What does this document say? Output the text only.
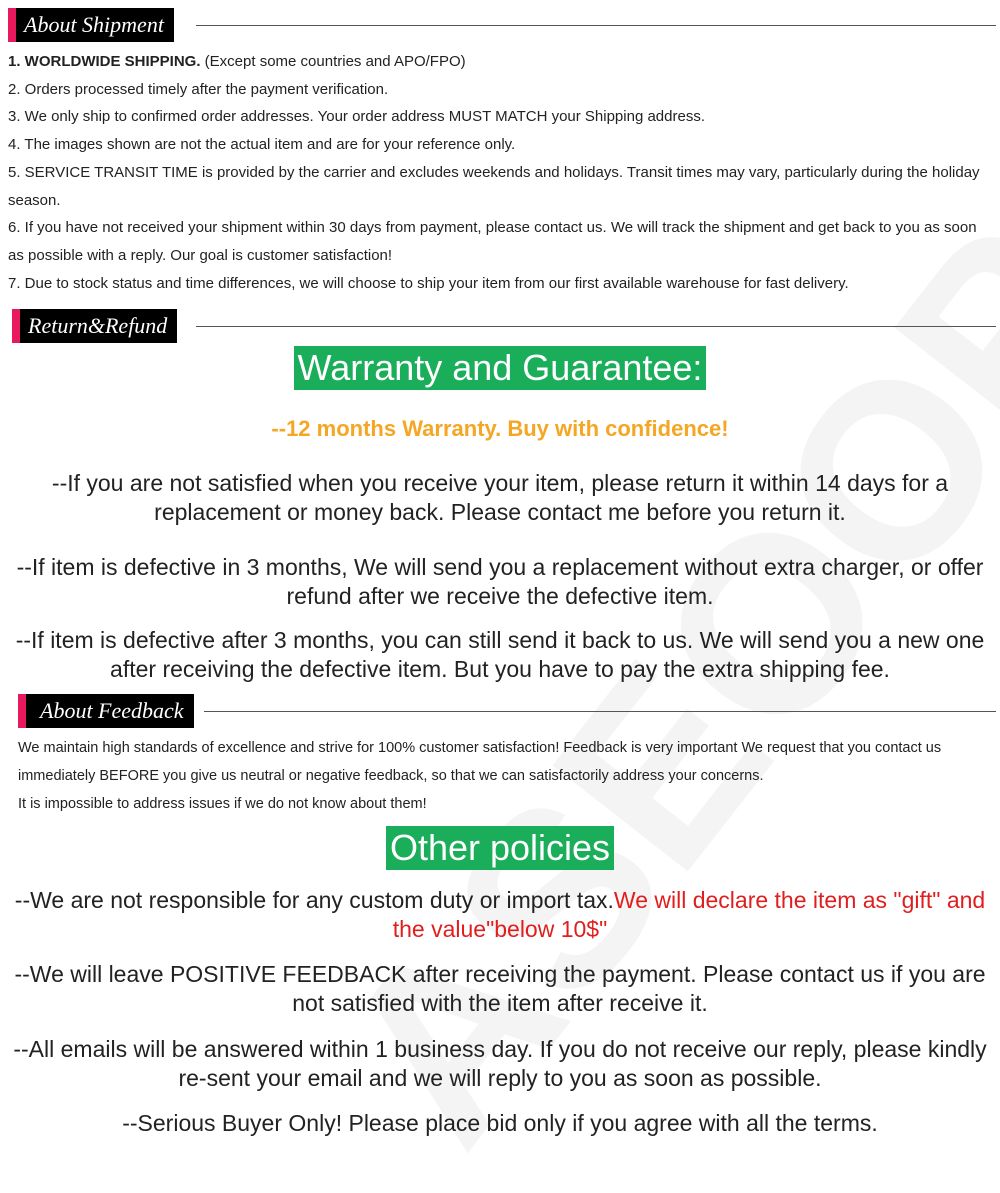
About Shipment

1. WORLDWIDE SHIPPING. (Except some countries and APO/FPO)

2. Orders processed timely after the payment verification.

3. We only ship to confirmed order addresses. Your order address MUST MATCH your Shipping address.

4. The images shown are not the actual item and are for your reference only.

5. SERVICE TRANSIT TIME is provided by the carrier and excludes weekends and holidays. Transit times may vary, particularly during the holiday season.

6. If you have not received your shipment within 30 days from payment, please contact us. We will track the shipment and get back to you as soon as possible with a reply. Our goal is customer satisfaction!

7. Due to stock status and time differences, we will choose to ship your item from our first available warehouse for fast delivery.

Return&Refund
Warranty and Guarantee:
--12 months Warranty. Buy with confidence!

--If you are not satisfied when you receive your item, please return it within 14 days for a replacement or money back. Please contact me before you return it.

--If item is defective in 3 months, We will send you a replacement without extra charger, or offer refund after we receive the defective item.

--If item is defective after 3 months, you can still send it back to us. We will send you a new one after receiving the defective item. But you have to pay the extra shipping fee.

About Feedback

We maintain high standards of excellence and strive for 100% customer satisfaction! Feedback is very important We request that you contact us immediately BEFORE you give us neutral or negative feedback, so that we can satisfactorily address your concerns.

It is impossible to address issues if we do not know about them!

Other policies

--We are not responsible for any custom duty or import tax.We will declare the item as "gift" and the value"below 10$"

--We will leave POSITIVE FEEDBACK after receiving the payment. Please contact us if you are not satisfied with the item after receive it.

--All emails will be answered within 1 business day. If you do not receive our reply, please kindly re-sent your email and we will reply to you as soon as possible.

--Serious Buyer Only! Please place bid only if you agree with all the terms.
